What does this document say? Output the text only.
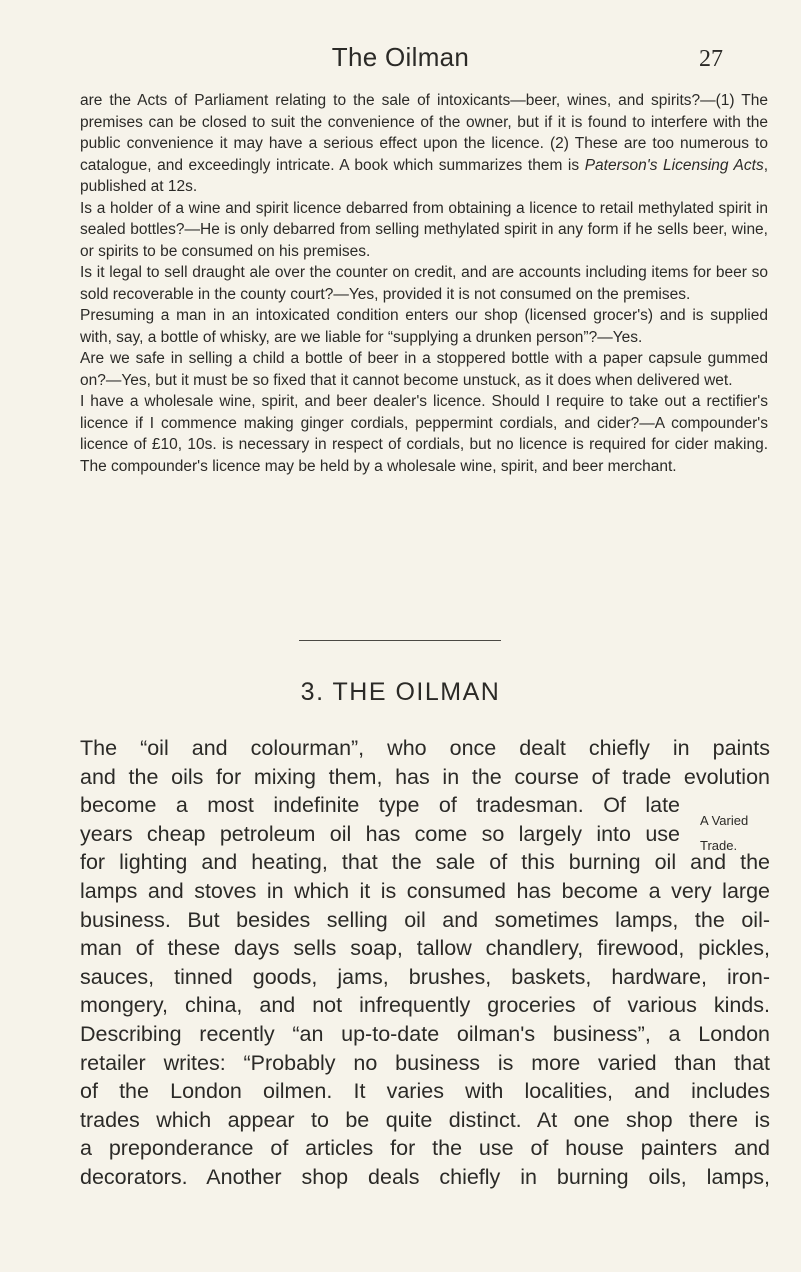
The Oilman	27

are the Acts of Parliament relating to the sale of intoxicants—beer, wines, and spirits?—(1) The premises can be closed to suit the convenience of the owner, but if it is found to interfere with the public convenience it may have a serious effect upon the licence. (2) These are too numerous to catalogue, and exceedingly intricate. A book which summarizes them is Paterson's Licensing Acts, published at 12s.

Is a holder of a wine and spirit licence debarred from obtaining a licence to retail methylated spirit in sealed bottles?—He is only debarred from selling methylated spirit in any form if he sells beer, wine, or spirits to be consumed on his premises.

Is it legal to sell draught ale over the counter on credit, and are accounts including items for beer so sold recoverable in the county court?—Yes, provided it is not consumed on the premises.

Presuming a man in an intoxicated condition enters our shop (licensed grocer's) and is supplied with, say, a bottle of whisky, are we liable for “supplying a drunken person”?—Yes.

Are we safe in selling a child a bottle of beer in a stoppered bottle with a paper capsule gummed on?—Yes, but it must be so fixed that it cannot become unstuck, as it does when delivered wet.

I have a wholesale wine, spirit, and beer dealer's licence. Should I require to take out a rectifier's licence if I commence making ginger cordials, peppermint cordials, and cider?—A compounder's licence of £10, 10s. is necessary in respect of cordials, but no licence is required for cider making. The compounder's licence may be held by a wholesale wine, spirit, and beer merchant.

3. THE OILMAN
A Varied
Trade.
The “oil and colourman”, who once dealt chiefly in paints
and the oils for mixing them, has in the course of trade evolution
become a most indefinite type of tradesman. Of late
years cheap petroleum oil has come so largely into use
for lighting and heating, that the sale of this burning oil and the
lamps and stoves in which it is consumed has become a very large
business. But besides selling oil and sometimes lamps, the oil-
man of these days sells soap, tallow chandlery, firewood, pickles,
sauces, tinned goods, jams, brushes, baskets, hardware, iron-
mongery, china, and not infrequently groceries of various kinds.
Describing recently “an up-to-date oilman's business”, a London
retailer writes: “Probably no business is more varied than that
of the London oilmen. It varies with localities, and includes
trades which appear to be quite distinct. At one shop there is
a preponderance of articles for the use of house painters and
decorators. Another shop deals chiefly in burning oils, lamps,
